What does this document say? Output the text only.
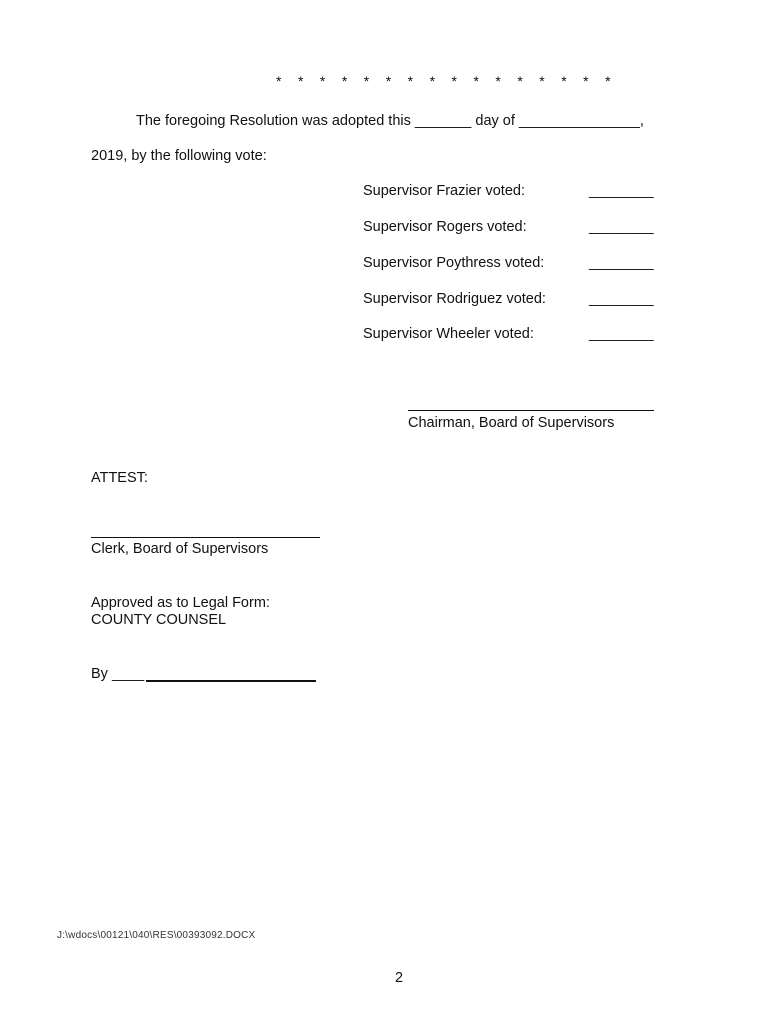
* * * * * * * * * * * * * * * *
The foregoing Resolution was adopted this _______ day of _______________,
2019, by the following vote:
Supervisor Frazier voted:	________
Supervisor Rogers voted:	________
Supervisor Poythress voted:	________
Supervisor Rodriguez voted:	________
Supervisor Wheeler voted:	________
Chairman, Board of Supervisors
ATTEST:
Clerk, Board of Supervisors
Approved as to Legal Form:
COUNTY COUNSEL
By ____
J:\wdocs\00121\040\RES\00393092.DOCX
2
